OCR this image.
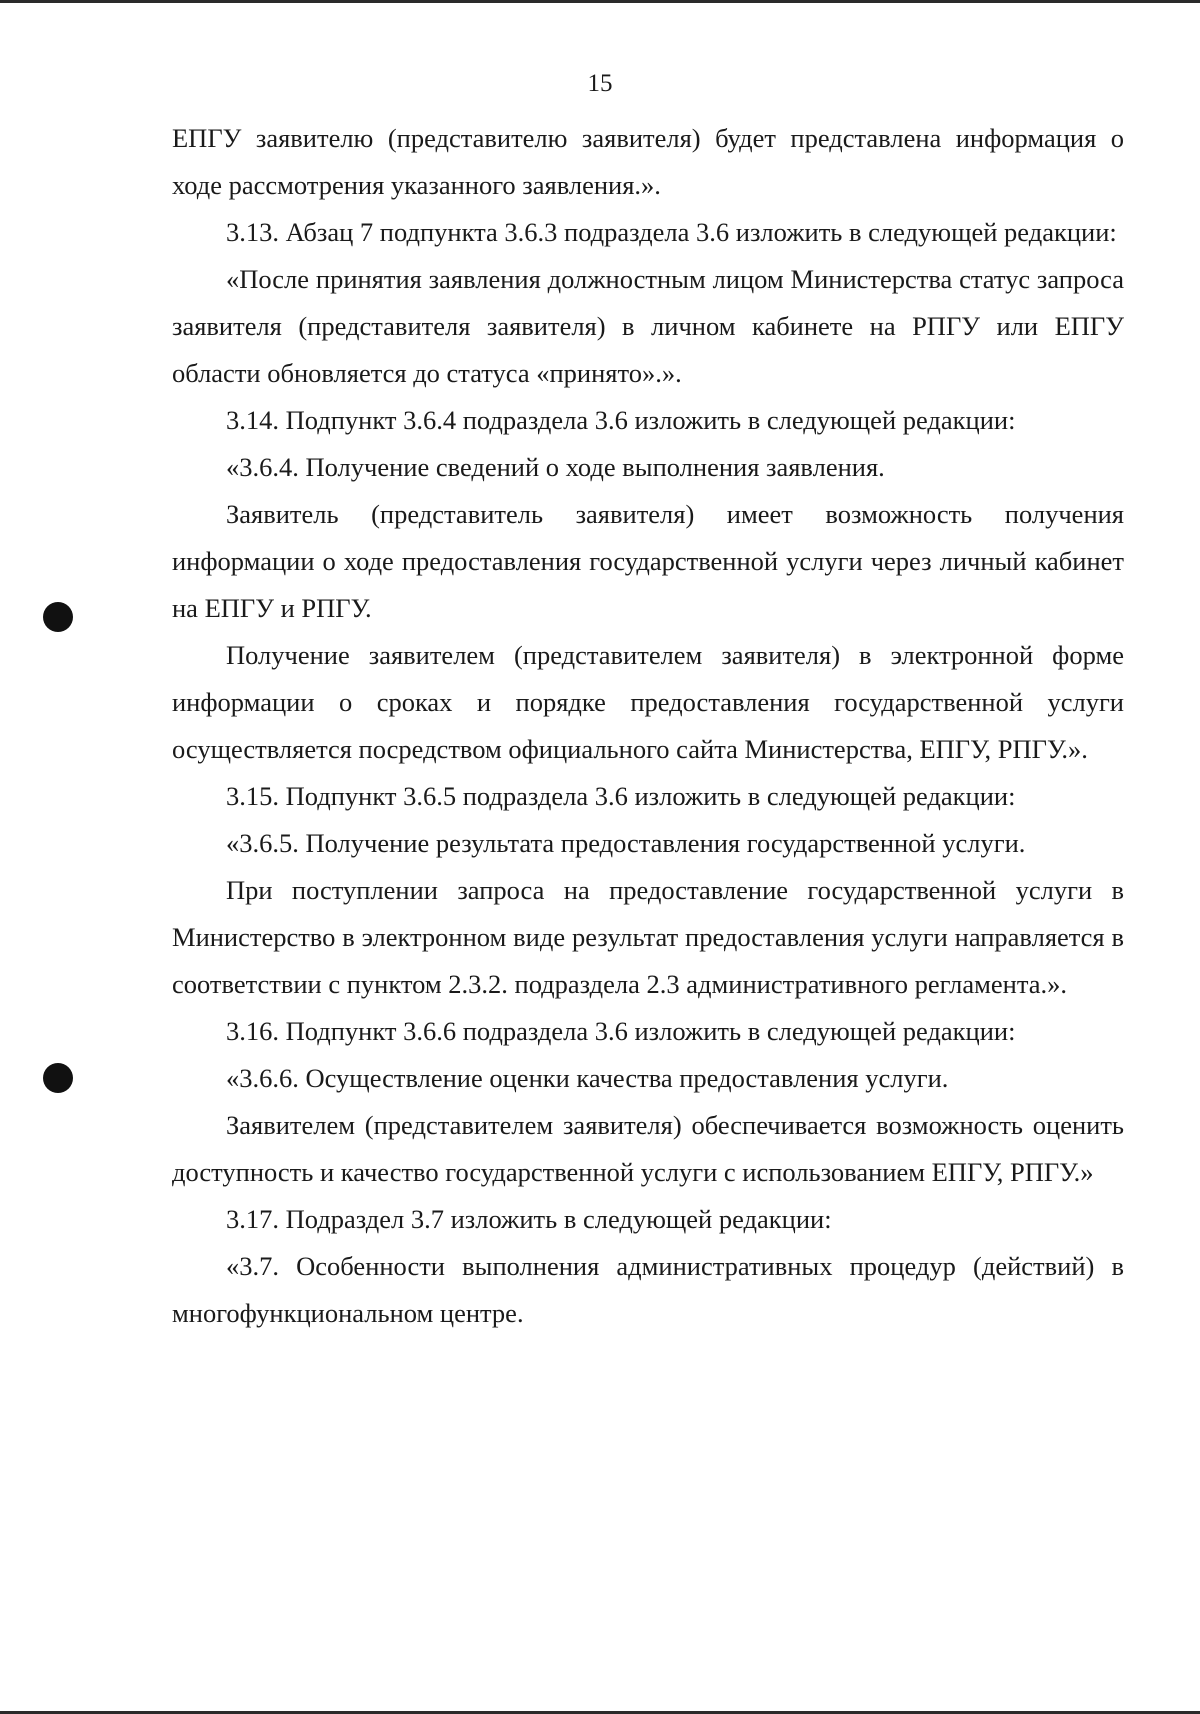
15

ЕПГУ заявителю (представителю заявителя) будет представлена информация о ходе рассмотрения указанного заявления.».

3.13. Абзац 7 подпункта 3.6.3 подраздела 3.6 изложить в следующей редакции:

«После принятия заявления должностным лицом Министерства статус запроса заявителя (представителя заявителя) в личном кабинете на РПГУ или ЕПГУ области обновляется до статуса «принято».».

3.14. Подпункт 3.6.4 подраздела 3.6 изложить в следующей редакции:

«3.6.4. Получение сведений о ходе выполнения заявления.

Заявитель (представитель заявителя) имеет возможность получения информации о ходе предоставления государственной услуги через личный кабинет на ЕПГУ и РПГУ.

Получение заявителем (представителем заявителя) в электронной форме информации о сроках и порядке предоставления государственной услуги осуществляется посредством официального сайта Министерства, ЕПГУ, РПГУ.».

3.15. Подпункт 3.6.5 подраздела 3.6 изложить в следующей редакции:

«3.6.5. Получение результата предоставления государственной услуги.

При поступлении запроса на предоставление государственной услуги в Министерство в электронном виде результат предоставления услуги направляется в соответствии с пунктом 2.3.2. подраздела 2.3 административного регламента.».

3.16. Подпункт 3.6.6 подраздела 3.6 изложить в следующей редакции:

«3.6.6. Осуществление оценки качества предоставления услуги.

Заявителем (представителем заявителя) обеспечивается возможность оценить доступность и качество государственной услуги с использованием ЕПГУ, РПГУ.»

3.17. Подраздел 3.7 изложить в следующей редакции:

«3.7. Особенности выполнения административных процедур (действий) в многофункциональном центре.
